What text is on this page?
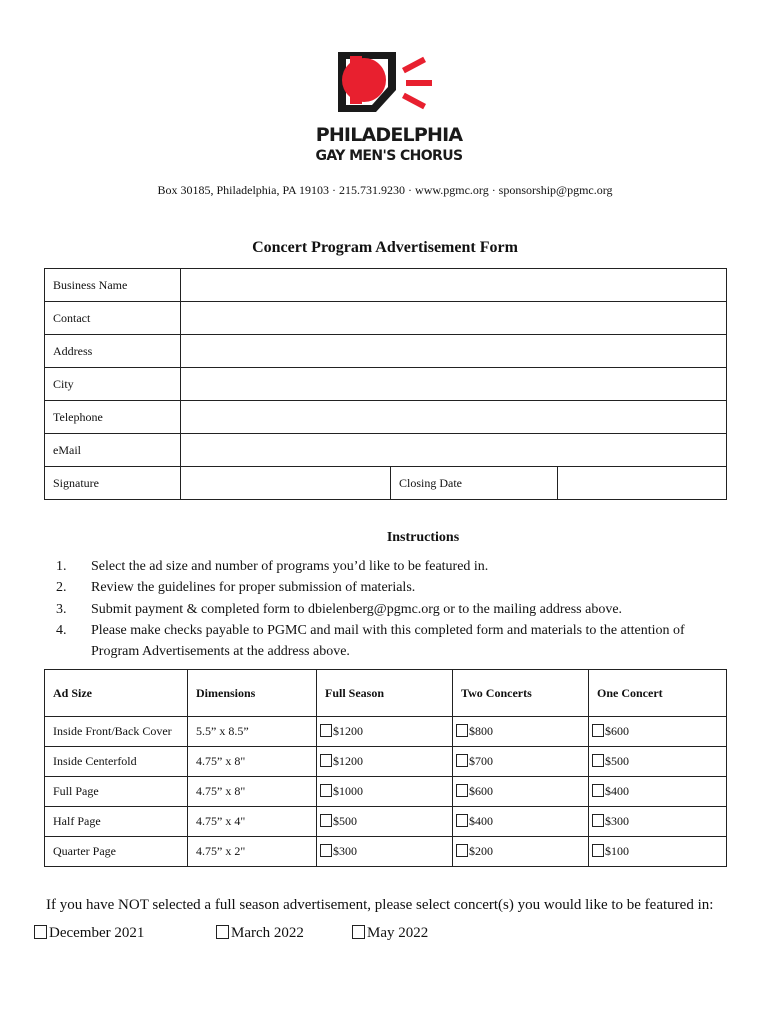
PHILADELPHIA
GAY MEN'S CHORUS
Box 30185, Philadelphia, PA 19103 · 215.731.9230 · www.pgmc.org · sponsorship@pgmc.org
Concert Program Advertisement Form
Business Name			
Contact			
Address			
City			
Telephone			
eMail			
Signature		Closing Date	
Instructions
1.	Select the ad size and number of programs you’d like to be featured in.
2.	Review the guidelines for proper submission of materials.
3.	Submit payment & completed form to dbielenberg@pgmc.org or to the mailing address above.
4.	Please make checks payable to PGMC and mail with this completed form and materials to the attention of Program Advertisements at the address above.
Ad Size	Dimensions	Full Season	Two Concerts	One Concert
Inside Front/Back Cover	5.5” x 8.5”	$1200	$800	$600
Inside Centerfold	4.75” x 8"	$1200	$700	$500
Full Page	4.75” x 8"	$1000	$600	$400
Half Page	4.75” x 4"	$500	$400	$300
Quarter Page	4.75” x 2"	$300	$200	$100
If you have NOT selected a full season advertisement, please select concert(s) you would like to be featured in:
December 2021	March 2022	May 2022
